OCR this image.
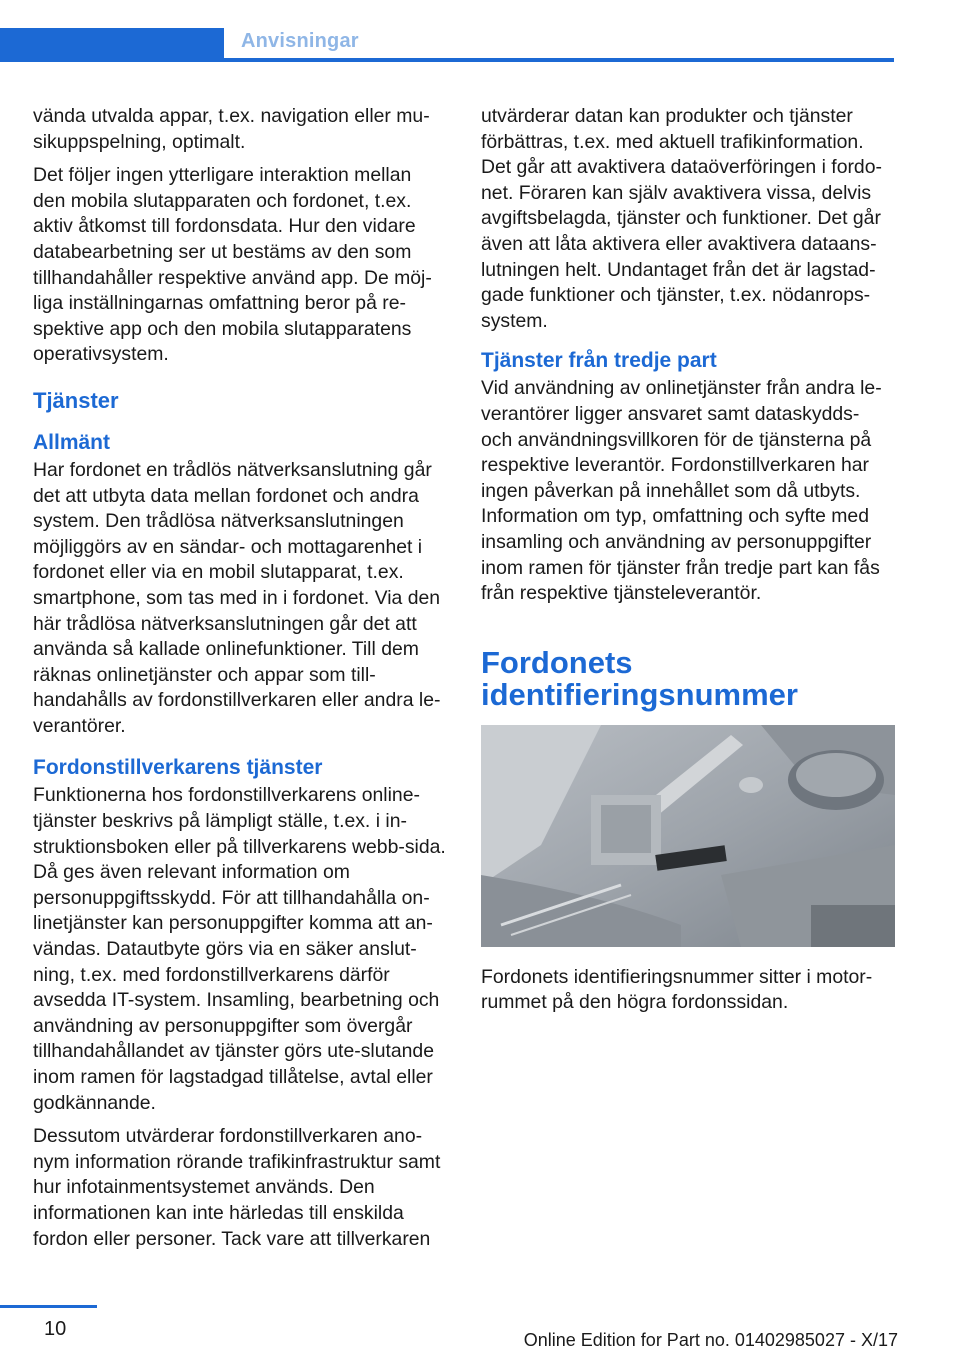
Anvisningar

vända utvalda appar, t.ex. navigation eller mu-sikuppspelning, optimalt.

Det följer ingen ytterligare interaktion mellan den mobila slutapparaten och fordonet, t.ex. aktiv åtkomst till fordonsdata. Hur den vidare databearbetning ser ut bestäms av den som tillhandahåller respektive använd app. De möj-liga inställningarnas omfattning beror på re-spektive app och den mobila slutapparatens operativsystem.

Tjänster
Allmänt

Har fordonet en trådlös nätverksanslutning går det att utbyta data mellan fordonet och andra system. Den trådlösa nätverksanslutningen möjliggörs av en sändar- och mottagarenhet i fordonet eller via en mobil slutapparat, t.ex. smartphone, som tas med in i fordonet. Via den här trådlösa nätverksanslutningen går det att använda så kallade onlinefunktioner. Till dem räknas onlinetjänster och appar som till-handahålls av fordonstillverkaren eller andra le-verantörer.

Fordonstillverkarens tjänster

Funktionerna hos fordonstillverkarens online-tjänster beskrivs på lämpligt ställe, t.ex. i in-struktionsboken eller på tillverkarens webb-sida. Då ges även relevant information om personuppgiftsskydd. För att tillhandahålla on-linetjänster kan personuppgifter komma att an-vändas. Datautbyte görs via en säker anslut-ning, t.ex. med fordonstillverkarens därför avsedda IT-system. Insamling, bearbetning och användning av personuppgifter som övergår tillhandahållandet av tjänster görs ute-slutande inom ramen för lagstadgad tillåtelse, avtal eller godkännande.

Dessutom utvärderar fordonstillverkaren ano-nym information rörande trafikinfrastruktur samt hur infotainmentsystemet används. Den informationen kan inte härledas till enskilda fordon eller personer. Tack vare att tillverkaren

utvärderar datan kan produkter och tjänster förbättras, t.ex. med aktuell trafikinformation. Det går att avaktivera dataöverföringen i fordo-net. Föraren kan själv avaktivera vissa, delvis avgiftsbelagda, tjänster och funktioner. Det går även att låta aktivera eller avaktivera dataans-lutningen helt. Undantaget från det är lagstad-gade funktioner och tjänster, t.ex. nödanrops-system.

Tjänster från tredje part

Vid användning av onlinetjänster från andra le-verantörer ligger ansvaret samt dataskydds- och användningsvillkoren för de tjänsterna på respektive leverantör. Fordonstillverkaren har ingen påverkan på innehållet som då utbyts. Information om typ, omfattning och syfte med insamling och användning av personuppgifter inom ramen för tjänster från tredje part kan fås från respektive tjänsteleverantör.

Fordonets
identifieringsnummer

Fordonets identifieringsnummer sitter i motor-rummet på den högra fordonssidan.

10	Online Edition for Part no. 01402985027 - X/17
